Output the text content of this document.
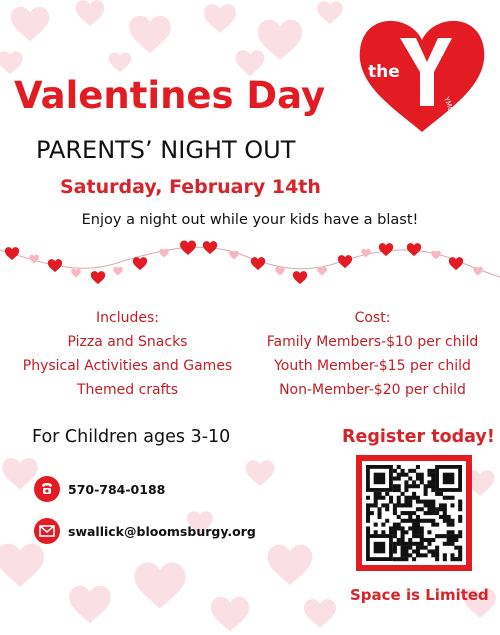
YMCA
the
Valentines Day
PARENTS’ NIGHT OUT
Saturday, February 14th
Enjoy a night out while your kids have a blast!
Includes:
Pizza and Snacks
Physical Activities and Games
Themed crafts
Cost:
Family Members-$10 per child
Youth Member-$15 per child
Non-Member-$20 per child
For Children ages 3-10	Register today!
570-784-0188
swallick@bloomsburgy.org
Space is Limited
